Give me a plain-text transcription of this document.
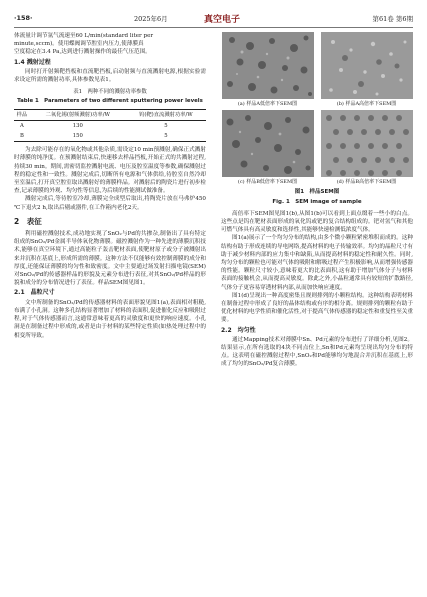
·158·	2025年6月	真空电子	第61卷 第6期

体流量计调节氩气流速至60 L/min(standard liter per

minute,sccm)。使用蝶阀调节腔室内压力,使薄膜真

空度稳定在3.4 Pa,达到进行溅射操作的最佳气压范围。

1.4 溅射过程

同时打开射频靶挡板和直流靶挡板,启动射频与直流溅射电源,根据实验需求设定所需的溅射功率,具体参数见表1。

表1　两种不同的溅射功率参数
Table 1　Parameters of two different sputtering power levels
样品	二氧化锡(射频溅射)功率/W	钨(靶)直流溅射功率/W
A	130	5
B	150	5

为去除可能存在的氧化物或其他杂质,需设定10 min预溅射,确保正式溅射时薄膜的纯净度。在预溅射结束后,快速移去样品挡板,开始正式的共溅射过程,持续30 min。期间,需密切监控溅射电流、电压及腔室温度等参数,确保溅射过程的稳定性和一致性。溅射完成后,切断所有电源和气体供给,待腔室自然冷却至室温后,打开真空腔室取出溅射好的薄膜样品。对溅射后的陶瓷片进行初步检查,记录薄膜的外观、均匀性等信息,为后续的性能测试做准备。

溅射完成后,等待腔室冷却,薄膜完全成型后取出,将陶瓷片放在马弗炉450 ℃下退火2 h,取出后剔或器件,在工作箱内老化2天。

2　表征

利用磁控溅射技术,成功地实现了SnO₂与Pd的共掺杂,制备出了具有特定组成的SnO₂/Pd金属半导体氧化物薄膜。磁控溅射作为一种先进的薄膜沉积技术,能够在真空环境下,通过高能粒子轰击靶材表面,使靶材原子或分子被溅射出来并沉积在基底上,形成所需的薄膜。这种方法不仅能够有效控制薄膜的成分和厚度,还能保证薄膜的均匀性和致密度。文中主要通过场发射扫描电镜(SEM)对SnO₂/Pd的传感器样品的形貌及元素分布进行表征,对其SnO₂/Pd样品的形貌和成分的分布情况进行了表征。样品SEM图见图1。

2.1　晶粒尺寸

文中所制备的SnO₂/Pd的传感器材料的表面形貌见图1(a),表面相对粗糙,布满了小孔洞。这种多孔结构显著增加了材料的表面积,促进催化反应和吸附过程,对于气体传感器而言,这通常意味着更高的灵敏度和更快的响应速度。小孔洞是在制备过程中形成的,或者是由于材料的某些特定性质(如热处理过程中的相变所导致。

(a) 样品A低倍率下SEM图	(b) 样品A高倍率下SEM图
(c) 样品B低倍率下SEM图	(d) 样品B高倍率下SEM图
图1　样品SEM图
Fig. 1　SEM image of sample

高倍率下SEM图见图1(b),从图1(b)可以看到上面点缀着一些小的白点。这些点是钨在靶材表面形成的氧化钨或钯的复合结构组成的。钯对氢气和其他可燃气体具有高灵敏度和选择性,其能够快速检测低浓度气体。

图1(a)展示了一个均匀分布的结构,由多个微小颗粒紧密堆积而成的。这种结构有助于形成连续的导电网络,提高材料的电子传输效率。均匀的晶粒尺寸有助于减少材料内部的应力集中和缺陷,从而提高材料的稳定性和耐久性。同时,均匀分布的颗粒也可能对气体的吸附和解吸过程产生积极影响,从而增强传感器的性能。颗粒尺寸较小,意味着更大的比表面积,这有助于增加气体分子与材料表面的接触机会,从而提高灵敏度。除此之外,小晶粒通常具有较短的扩散路径,气体分子更容易穿透材料内部,从而加快响应速度。

图1(d)呈现出一种高度密集且规则排列的小颗粒结构。这种结构表明材料在制备过程中形成了良好的晶体结构或有序的相分离。规则排列的颗粒有助于优化材料的电学性质和催化活性,对于提高气体传感器的稳定性和重复性至关重要。

2.2　均匀性

通过Mapping技术对薄膜中Sn、Pd元素的分布进行了详细分析,见图2。结果显示,在所有选取的4块不同点位上,Sn和Pd元素均呈现出均匀分布的特点。这表明在磁控溅射过程中,SnO₂和Pd能够均匀地混合并沉积在基底上,形成了均匀的SnO₂/Pd复合薄膜。
